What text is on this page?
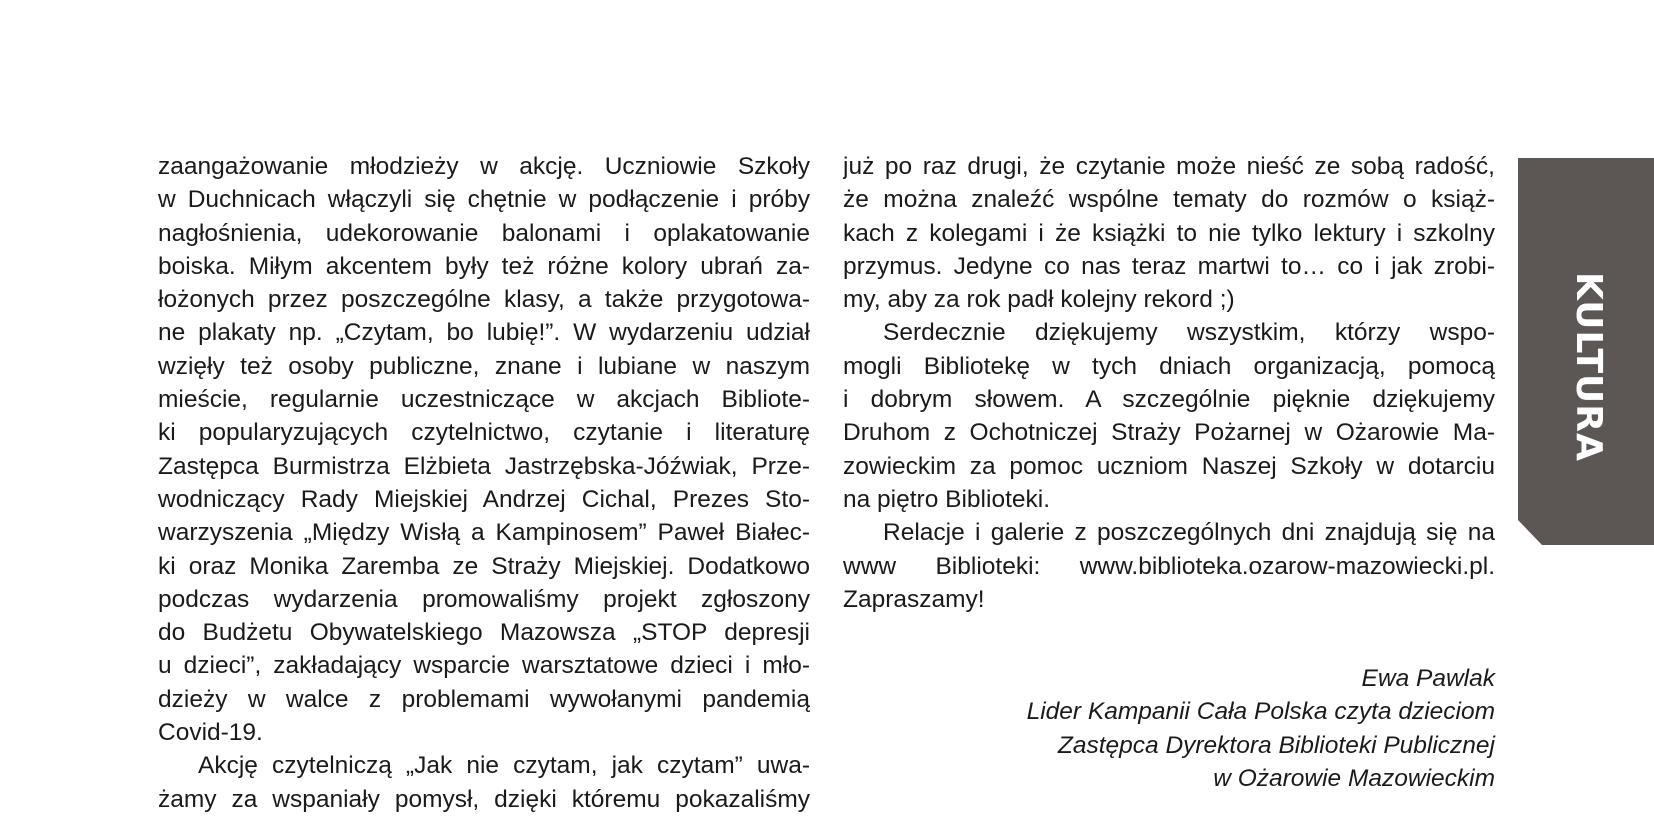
zaangażowanie młodzieży w akcję. Uczniowie Szkoły
w Duchnicach włączyli się chętnie w podłączenie i próby
nagłośnienia, udekorowanie balonami i oplakatowanie
boiska. Miłym akcentem były też różne kolory ubrań za-
łożonych przez poszczególne klasy, a także przygotowa-
ne plakaty np. „Czytam, bo lubię!”. W wydarzeniu udział
wzięły też osoby publiczne, znane i lubiane w naszym
mieście, regularnie uczestniczące w akcjach Bibliote-
ki popularyzujących czytelnictwo, czytanie i literaturę
Zastępca Burmistrza Elżbieta Jastrzębska-Jóźwiak, Prze-
wodniczący Rady Miejskiej Andrzej Cichal, Prezes Sto-
warzyszenia „Między Wisłą a Kampinosem” Paweł Białec-
ki oraz Monika Zaremba ze Straży Miejskiej. Dodatkowo
podczas wydarzenia promowaliśmy projekt zgłoszony
do Budżetu Obywatelskiego Mazowsza „STOP depresji
u dzieci”, zakładający wsparcie warsztatowe dzieci i mło-
dzieży w walce z problemami wywołanymi pandemią
Covid-19.
Akcję czytelniczą „Jak nie czytam, jak czytam” uwa-
żamy za wspaniały pomysł, dzięki któremu pokazaliśmy
już po raz drugi, że czytanie może nieść ze sobą radość,
że można znaleźć wspólne tematy do rozmów o książ-
kach z kolegami i że książki to nie tylko lektury i szkolny
przymus. Jedyne co nas teraz martwi to… co i jak zrobi-
my, aby za rok padł kolejny rekord ;)
Serdecznie dziękujemy wszystkim, którzy wspo-
mogli Bibliotekę w tych dniach organizacją, pomocą
i dobrym słowem. A szczególnie pięknie dziękujemy
Druhom z Ochotniczej Straży Pożarnej w Ożarowie Ma-
zowieckim za pomoc uczniom Naszej Szkoły w dotarciu
na piętro Biblioteki.
Relacje i galerie z poszczególnych dni znajdują się na
www Biblioteki: www.biblioteka.ozarow-mazowiecki.pl.
Zapraszamy!
Ewa Pawlak
Lider Kampanii Cała Polska czyta dzieciom
Zastępca Dyrektora Biblioteki Publicznej
w Ożarowie Mazowieckim
KULTURA
